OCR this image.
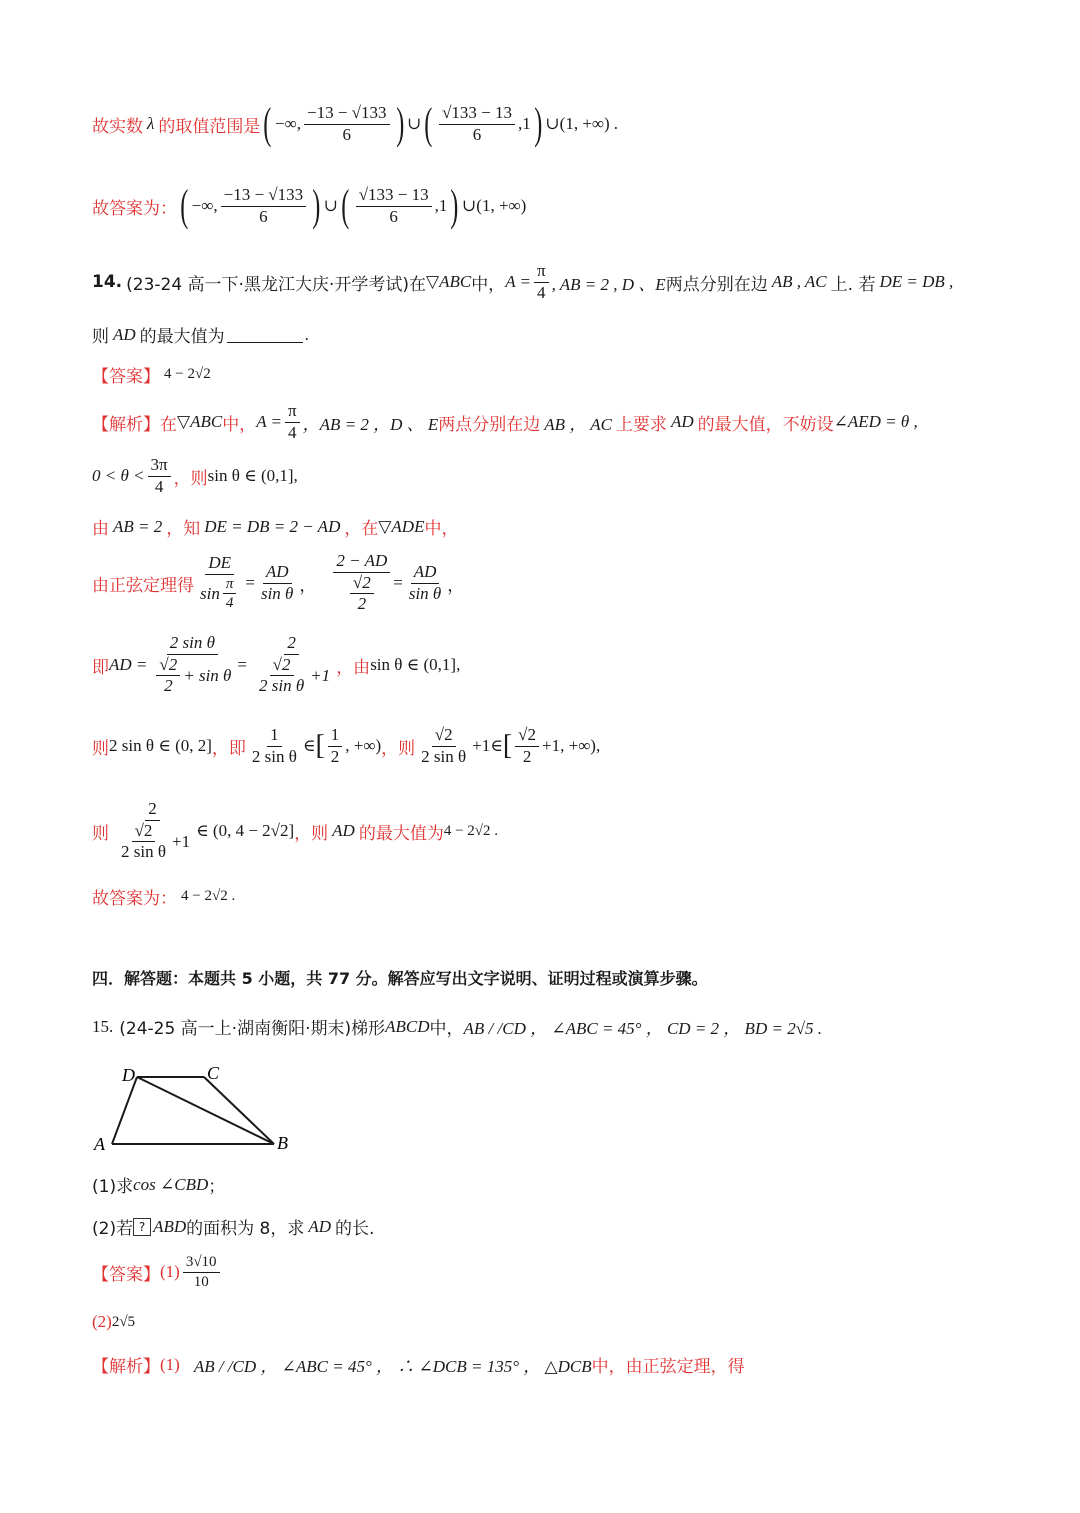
故实数 λ 的取值范围是 ( −∞, $\frac{-13 - √133}{6}$ ) ∪ ( $\frac{√133 - 13}{6} ,1$ ) ∪ (1, +∞) .
故答案为： ( −∞, $\frac{-13 - √133}{6}$ ) ∪ ( $\frac{√133 - 13}{6} ,1$ ) ∪ (1, +∞)
14. (23-24 高一下·黑龙江大庆·开学考试) 在 ▽ABC 中， $A = \frac{\pi}{4}$ , AB = 2 , D 、E 两点分别在边 AB , AC 上. 若 DE = DB ,
则 AD 的最大值为	.
【答案】 4 − 2√2
【解析】 在 ▽ABC 中， $A = \frac{\pi}{4}$ ，AB = 2 ，D 、 E 两点分别在边 AB ， AC 上要求 AD 的最大值，不妨设 ∠AED = θ ,
$0 < \theta < \frac{3\pi}{4}$ ，则 sin θ ∈ (0,1],
由 AB = 2 ，知 DE = DB = 2 − AD ，在 ▽ADE 中，
由正弦定理得 $\frac{DE}{\sin \frac{\pi}{4}} = \frac{AD}{\text{sin θ}}$ ， $\frac{2 - AD}{\frac{√2}{2}} = \frac{AD}{\text{sin θ}}$ ，
即 AD = $\frac{\text{2 sin θ}}{\frac{√2}{2} + \sin \theta} = \frac{2}{\frac{√2}{\text{2 sin θ}} +1}$ ，由 sin θ ∈ (0,1],
则 2 sin θ ∈ (0, 2] ，即 $\frac{1}{\text{2 sin θ}}$ ∈ [ $\frac{1}{2}$ , +∞) ，则 $\frac{√2}{\text{2 sin θ}} +1$ ∈ [ $\frac{√2}{2} +1$, +∞),
则 $\frac{2}{\frac{√2}{\text{2 sin θ}} +1}$ ∈ (0, 4 − 2√2] ，则 AD 的最大值为 4 − 2√2 .
故答案为： 4 − 2√2 .
四．解答题：本题共 5 小题，共 77 分。解答应写出文字说明、证明过程或演算步骤。
15. (24-25 高一上·湖南衡阳·期末) 梯形 ABCD 中， AB / /CD ， ∠ABC = 45° ， CD = 2 ， BD = 2√5 .
D	C
A	B
(1)求 cos ∠CBD ；
(2)若 ? ABD 的面积为 8，求 AD 的长.
【答案】 $(1) \frac{3√10}{10}$
(2) 2√5
【解析】 (1) AB / /CD ， ∠ABC = 45° ， ∴ ∠DCB = 135° ， △DCB 中，由正弦定理，得
